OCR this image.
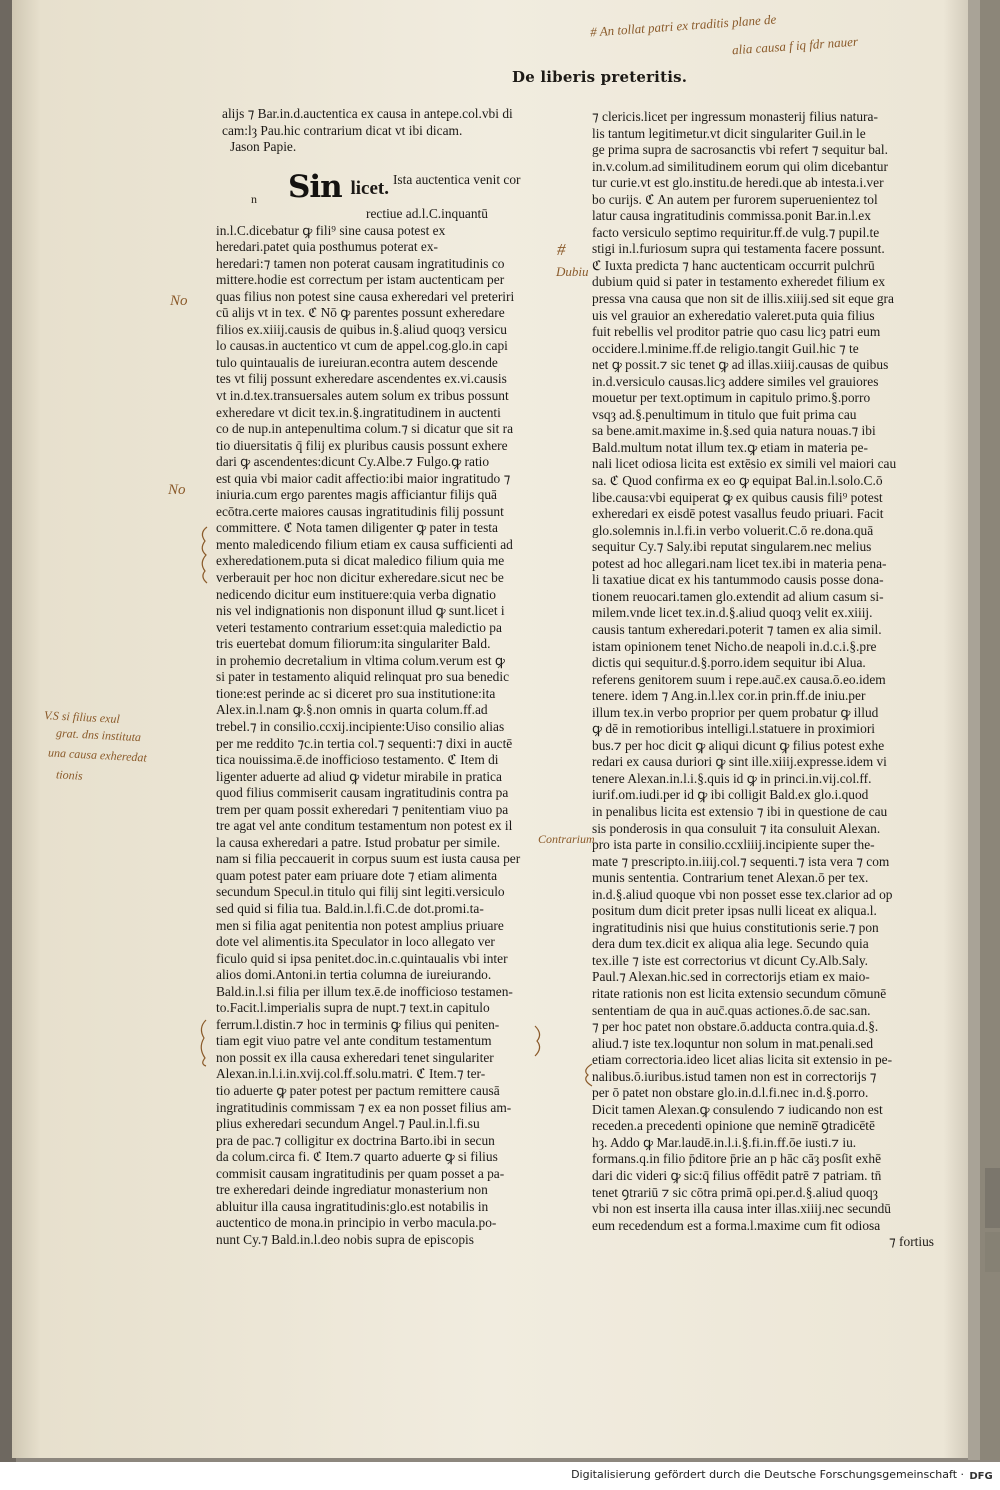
De liberis preteritis.
alijs ⁊ Bar.in.d.auctentica ex causa in antepe.col.vbi di
cam:lȝ Pau.hic contrarium dicat vt ibi dicam.
Jason Papie.
n	Sin licet. Ista auctentica venit cor
rectiue ad.l.C.inquantū
in.l.C.dicebatur ꝙ fili⁹ sine causa potest ex
heredari.patet quia posthumus poterat ex-
heredari:⁊ tamen non poterat causam ingratitudinis co
mittere.hodie est correctum per istam auctenticam per
quas filius non potest sine causa exheredari vel preteriri
cū alijs vt in tex. ℭ Nō ꝙ parentes possunt exheredare
filios ex.xiiij.causis de quibus in.§.aliud quoqȝ versicu
lo causas.in auctentico vt cum de appel.cog.glo.in capi
tulo quintaualis de iureiuran.econtra autem descende
tes vt filij possunt exheredare ascendentes ex.vi.causis
vt in.d.tex.transuersales autem solum ex tribus possunt
exheredare vt dicit tex.in.§.ingratitudinem in auctenti
co de nup.in antepenultima colum.⁊ si dicatur que sit ra
tio diuersitatis q̄ filij ex pluribus causis possunt exhere
dari ꝙ ascendentes:dicunt Cy.Albe.⁊ Fulgo.ꝙ ratio
est quia vbi maior cadit affectio:ibi maior ingratitudo ⁊
iniuria.cum ergo parentes magis afficiantur filijs quā
ecōtra.certe maiores causas ingratitudinis filij possunt
committere. ℭ Nota tamen diligenter ꝙ pater in testa
mento maledicendo filium etiam ex causa sufficienti ad
exheredationem.puta si dicat maledico filium quia me
verberauit per hoc non dicitur exheredare.sicut nec be
nedicendo dicitur eum instituere:quia verba dignatio
nis vel indignationis non disponunt illud ꝙ sunt.licet i
veteri testamento contrarium esset:quia maledictio pa
tris euertebat domum filiorum:ita singulariter Bald.
in prohemio decretalium in vltima colum.verum est ꝙ
si pater in testamento aliquid relinquat pro sua benedic
tione:est perinde ac si diceret pro sua institutione:ita
Alex.in.l.nam ꝙ.§.non omnis in quarta colum.ff.ad
trebel.⁊ in consilio.ccxij.incipiente:Uiso consilio alias
per me reddito ⁊c.in tertia col.⁊ sequenti:⁊ dixi in auctē
tica nouissima.ē.de inofficioso testamento. ℭ Item di
ligenter aduerte ad aliud ꝙ videtur mirabile in pratica
quod filius commiserit causam ingratitudinis contra pa
trem per quam possit exheredari ⁊ penitentiam viuo pa
tre agat vel ante conditum testamentum non potest ex il
la causa exheredari a patre. Istud probatur per simile.
nam si filia peccauerit in corpus suum est iusta causa per
quam potest pater eam priuare dote ⁊ etiam alimenta
secundum Specul.in titulo qui filij sint legiti.versiculo
sed quid si filia tua. Bald.in.l.fi.C.de dot.promi.ta-
men si filia agat penitentia non potest amplius priuare
dote vel alimentis.ita Speculator in loco allegato ver
ficulo quid si ipsa penitet.doc.in.c.quintaualis vbi inter
alios domi.Antoni.in tertia columna de iureiurando.
Bald.in.l.si filia per illum tex.ē.de inofficioso testamen-
to.Facit.l.imperialis supra de nupt.⁊ text.in capitulo
ferrum.l.distin.⁊ hoc in terminis ꝙ filius qui peniten-
tiam egit viuo patre vel ante conditum testamentum
non possit ex illa causa exheredari tenet singulariter
Alexan.in.l.i.in.xvij.col.ff.solu.matri. ℭ Item.⁊ ter-
tio aduerte ꝙ pater potest per pactum remittere causā
ingratitudinis commissam ⁊ ex ea non posset filius am-
plius exheredari secundum Angel.⁊ Paul.in.l.fi.su
pra de pac.⁊ colligitur ex doctrina Barto.ibi in secun
da colum.circa fi. ℭ Item.⁊ quarto aduerte ꝙ si filius
commisit causam ingratitudinis per quam posset a pa-
tre exheredari deinde ingrediatur monasterium non
abluitur illa causa ingratitudinis:glo.est notabilis in
auctentico de mona.in principio in verbo macula.po-
nunt Cy.⁊ Bald.in.l.deo nobis supra de episcopis
⁊ clericis.licet per ingressum monasterij filius natura-
lis tantum legitimetur.vt dicit singulariter Guil.in le
ge prima supra de sacrosanctis vbi refert ⁊ sequitur bal.
in.v.colum.ad similitudinem eorum qui olim dicebantur
tur curie.vt est glo.institu.de heredi.que ab intesta.i.ver
bo curijs. ℭ An autem per furorem superuenientez tol
latur causa ingratitudinis commissa.ponit Bar.in.l.ex
facto versiculo septimo requiritur.ff.de vulg.⁊ pupil.te
stigi in.l.furiosum supra qui testamenta facere possunt.
ℭ Iuxta predicta ⁊ hanc auctenticam occurrit pulchrū
dubium quid si pater in testamento exheredet filium ex
pressa vna causa que non sit de illis.xiiij.sed sit eque gra
uis vel grauior an exheredatio valeret.puta quia filius
fuit rebellis vel proditor patrie quo casu licȝ patri eum
occidere.l.minime.ff.de religio.tangit Guil.hic ⁊ te
net ꝙ possit.⁊ sic tenet ꝙ ad illas.xiiij.causas de quibus
in.d.versiculo causas.licȝ addere similes vel grauiores
mouetur per text.optimum in capitulo primo.§.porro
vsqȝ ad.§.penultimum in titulo que fuit prima cau
sa bene.amit.maxime in.§.sed quia natura nouas.⁊ ibi
Bald.multum notat illum tex.ꝙ etiam in materia pe-
nali licet odiosa licita est extēsio ex simili vel maiori cau
sa. ℭ Quod confirma ex eo ꝙ equipat Bal.in.l.solo.C.ō
libe.causa:vbi equiperat ꝙ ex quibus causis fili⁹ potest
exheredari ex eisdē potest vasallus feudo priuari. Facit
glo.solemnis in.l.fi.in verbo voluerit.C.ō re.dona.quā
sequitur Cy.⁊ Saly.ibi reputat singularem.nec melius
potest ad hoc allegari.nam licet tex.ibi in materia pena-
li taxatiue dicat ex his tantummodo causis posse dona-
tionem reuocari.tamen glo.extendit ad alium casum si-
milem.vnde licet tex.in.d.§.aliud quoqȝ velit ex.xiiij.
causis tantum exheredari.poterit ⁊ tamen ex alia simil.
istam opinionem tenet Nicho.de neapoli in.d.c.i.§.pre
dictis qui sequitur.d.§.porro.idem sequitur ibi Alua.
referens genitorem suum i repe.auc̄.ex causa.ō.eo.idem
tenere. idem ⁊ Ang.in.l.lex cor.in prin.ff.de iniu.per
illum tex.in verbo proprior per quem probatur ꝙ illud
ꝙ dē in remotioribus intelligi.l.statuere in proximiori
bus.⁊ per hoc dicit ꝙ aliqui dicunt ꝙ filius potest exhe
redari ex causa duriori ꝙ sint ille.xiiij.expresse.idem vi
tenere Alexan.in.l.i.§.quis id ꝙ in princi.in.vij.col.ff.
iurif.om.iudi.per id ꝙ ibi colligit Bald.ex glo.i.quod
in penalibus licita est extensio ⁊ ibi in questione de cau
sis ponderosis in qua consuluit ⁊ ita consuluit Alexan.
pro ista parte in consilio.ccxliiij.incipiente super the-
mate ⁊ prescripto.in.iiij.col.⁊ sequenti.⁊ ista vera ⁊ com
munis sententia. Contrarium tenet Alexan.ō per tex.
in.d.§.aliud quoque vbi non posset esse tex.clarior ad op
positum dum dicit preter ipsas nulli liceat ex aliqua.l.
ingratitudinis nisi que huius constitutionis serie.⁊ pon
dera dum tex.dicit ex aliqua alia lege. Secundo quia
tex.ille ⁊ iste est correctorius vt dicunt Cy.Alb.Saly.
Paul.⁊ Alexan.hic.sed in correctorijs etiam ex maio-
ritate rationis non est licita extensio secundum cōmunē
sententiam de qua in auc̄.quas actiones.ō.de sac.san.
⁊ per hoc patet non obstare.ō.adducta contra.quia.d.§.
aliud.⁊ iste tex.loquntur non solum in mat.penali.sed
etiam correctoria.ideo licet alias licita sit extensio in pe-
nalibus.ō.iuribus.istud tamen non est in correctorijs ⁊
per ō patet non obstare glo.in.d.l.fi.nec in.d.§.porro.
Dicit tamen Alexan.ꝙ consulendo ⁊ iudicando non est
receden.a precedenti opinione que nemine̅ ꝯtradicētē
hȝ. Addo ꝙ Mar.laudē.in.l.i.§.fi.in.ff.ōe iusti.⁊ iu.
formans.q.in filio p̄ditore p̄rie an p hāc cāȝ posſit exhē
dari dic videri ꝙ sic:q̄ filius offēdit patrē ⁊ patriam. tn̄
tenet ꝯtrariū ⁊ sic cōtra primā opi.per.d.§.aliud quoqȝ
vbi non est inserta illa causa inter illas.xiiij.nec secundū
eum recedendum est a forma.l.maxime cum fit odiosa
⁊ fortius
# An tollat patri ex traditis plane de
alia causa f iq fdr nauer
#
Dubiu
No
No
V.S si filius exul
grat. dns instituta
una causa exheredat
tionis
Contrarium
Digitalisierung gefördert durch die Deutsche Forschungsgemeinschaft · DFG
